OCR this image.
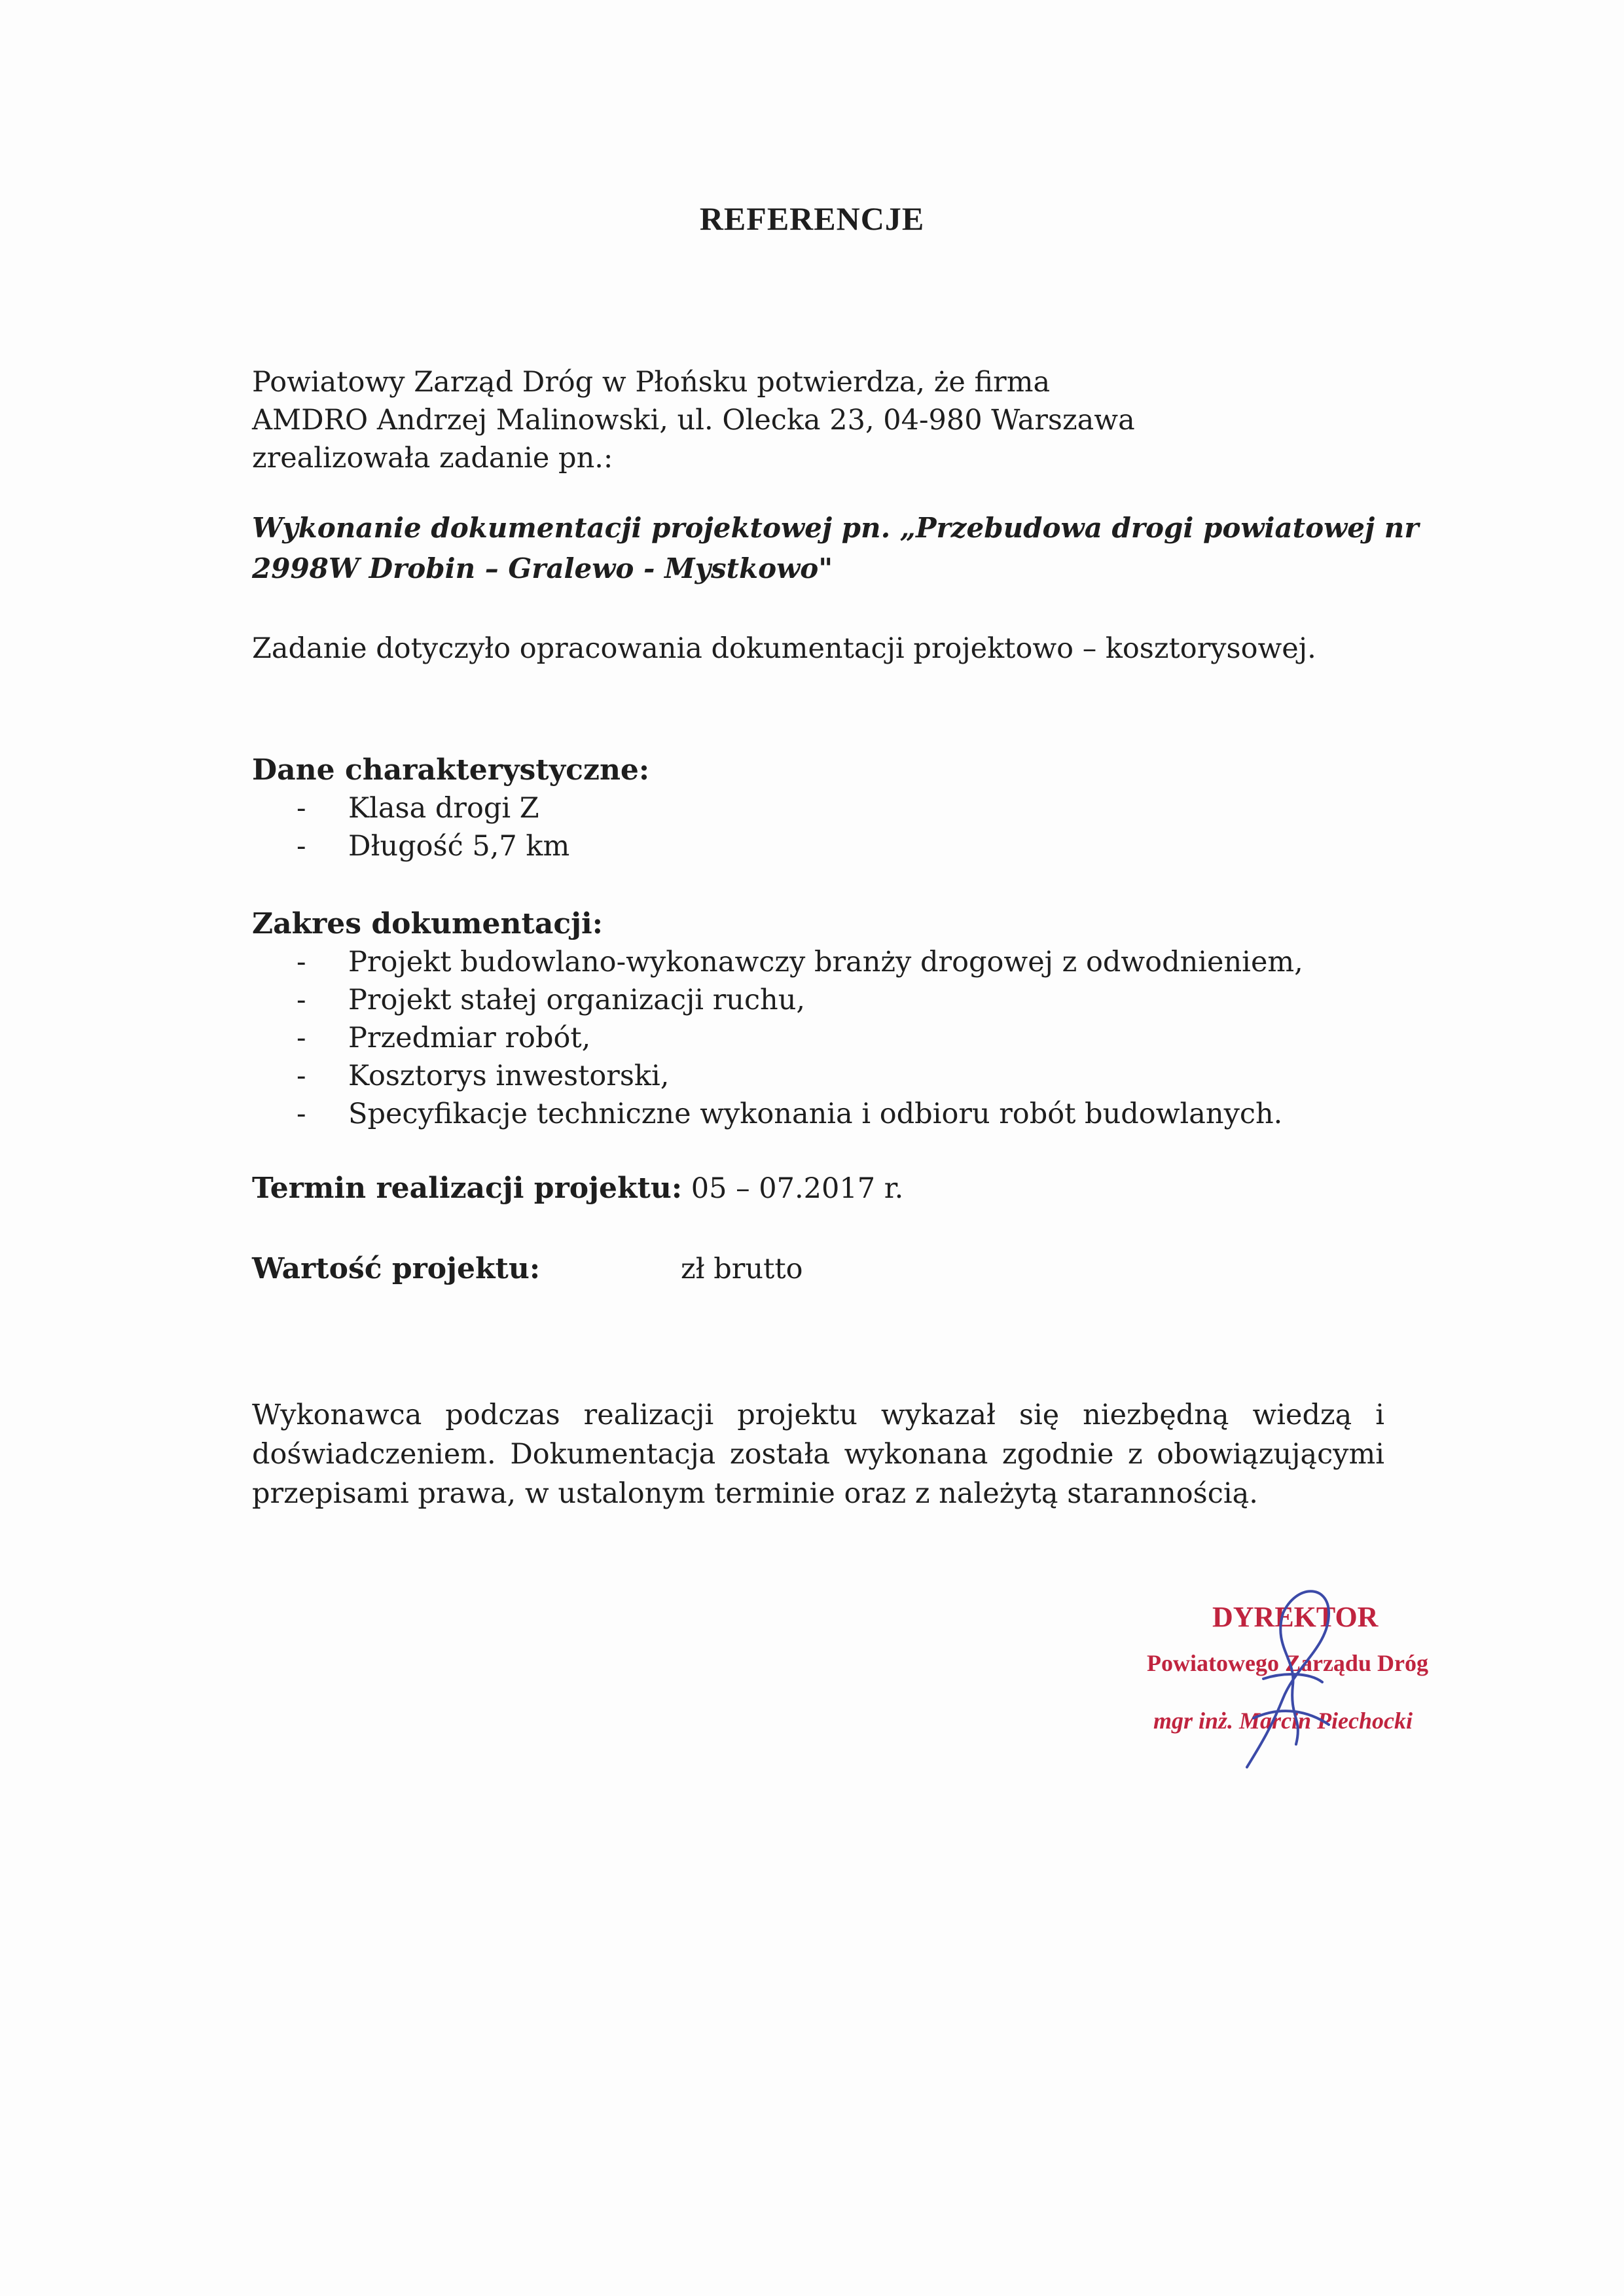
REFERENCJE
Powiatowy Zarząd Dróg w Płońsku potwierdza, że firma
AMDRO Andrzej Malinowski, ul. Olecka 23, 04-980 Warszawa
zrealizowała zadanie pn.:
Wykonanie dokumentacji projektowej pn. „Przebudowa drogi powiatowej nr
2998W Drobin – Gralewo - Mystkowo"
Zadanie dotyczyło opracowania dokumentacji projektowo – kosztorysowej.
Dane charakterystyczne:
- Klasa drogi Z
- Długość 5,7 km
Zakres dokumentacji:
- Projekt budowlano-wykonawczy branży drogowej z odwodnieniem,
- Projekt stałej organizacji ruchu,
- Przedmiar robót,
- Kosztorys inwestorski,
- Specyfikacje techniczne wykonania i odbioru robót budowlanych.
Termin realizacji projektu: 05 – 07.2017 r.
Wartość projektu:	zł brutto
Wykonawca podczas realizacji projektu wykazał się niezbędną wiedzą i
doświadczeniem. Dokumentacja została wykonana zgodnie z obowiązującymi
przepisami prawa, w ustalonym terminie oraz z należytą starannością.
DYREKTOR
Powiatowego Zarządu Dróg
mgr inż. Marcin Piechocki
